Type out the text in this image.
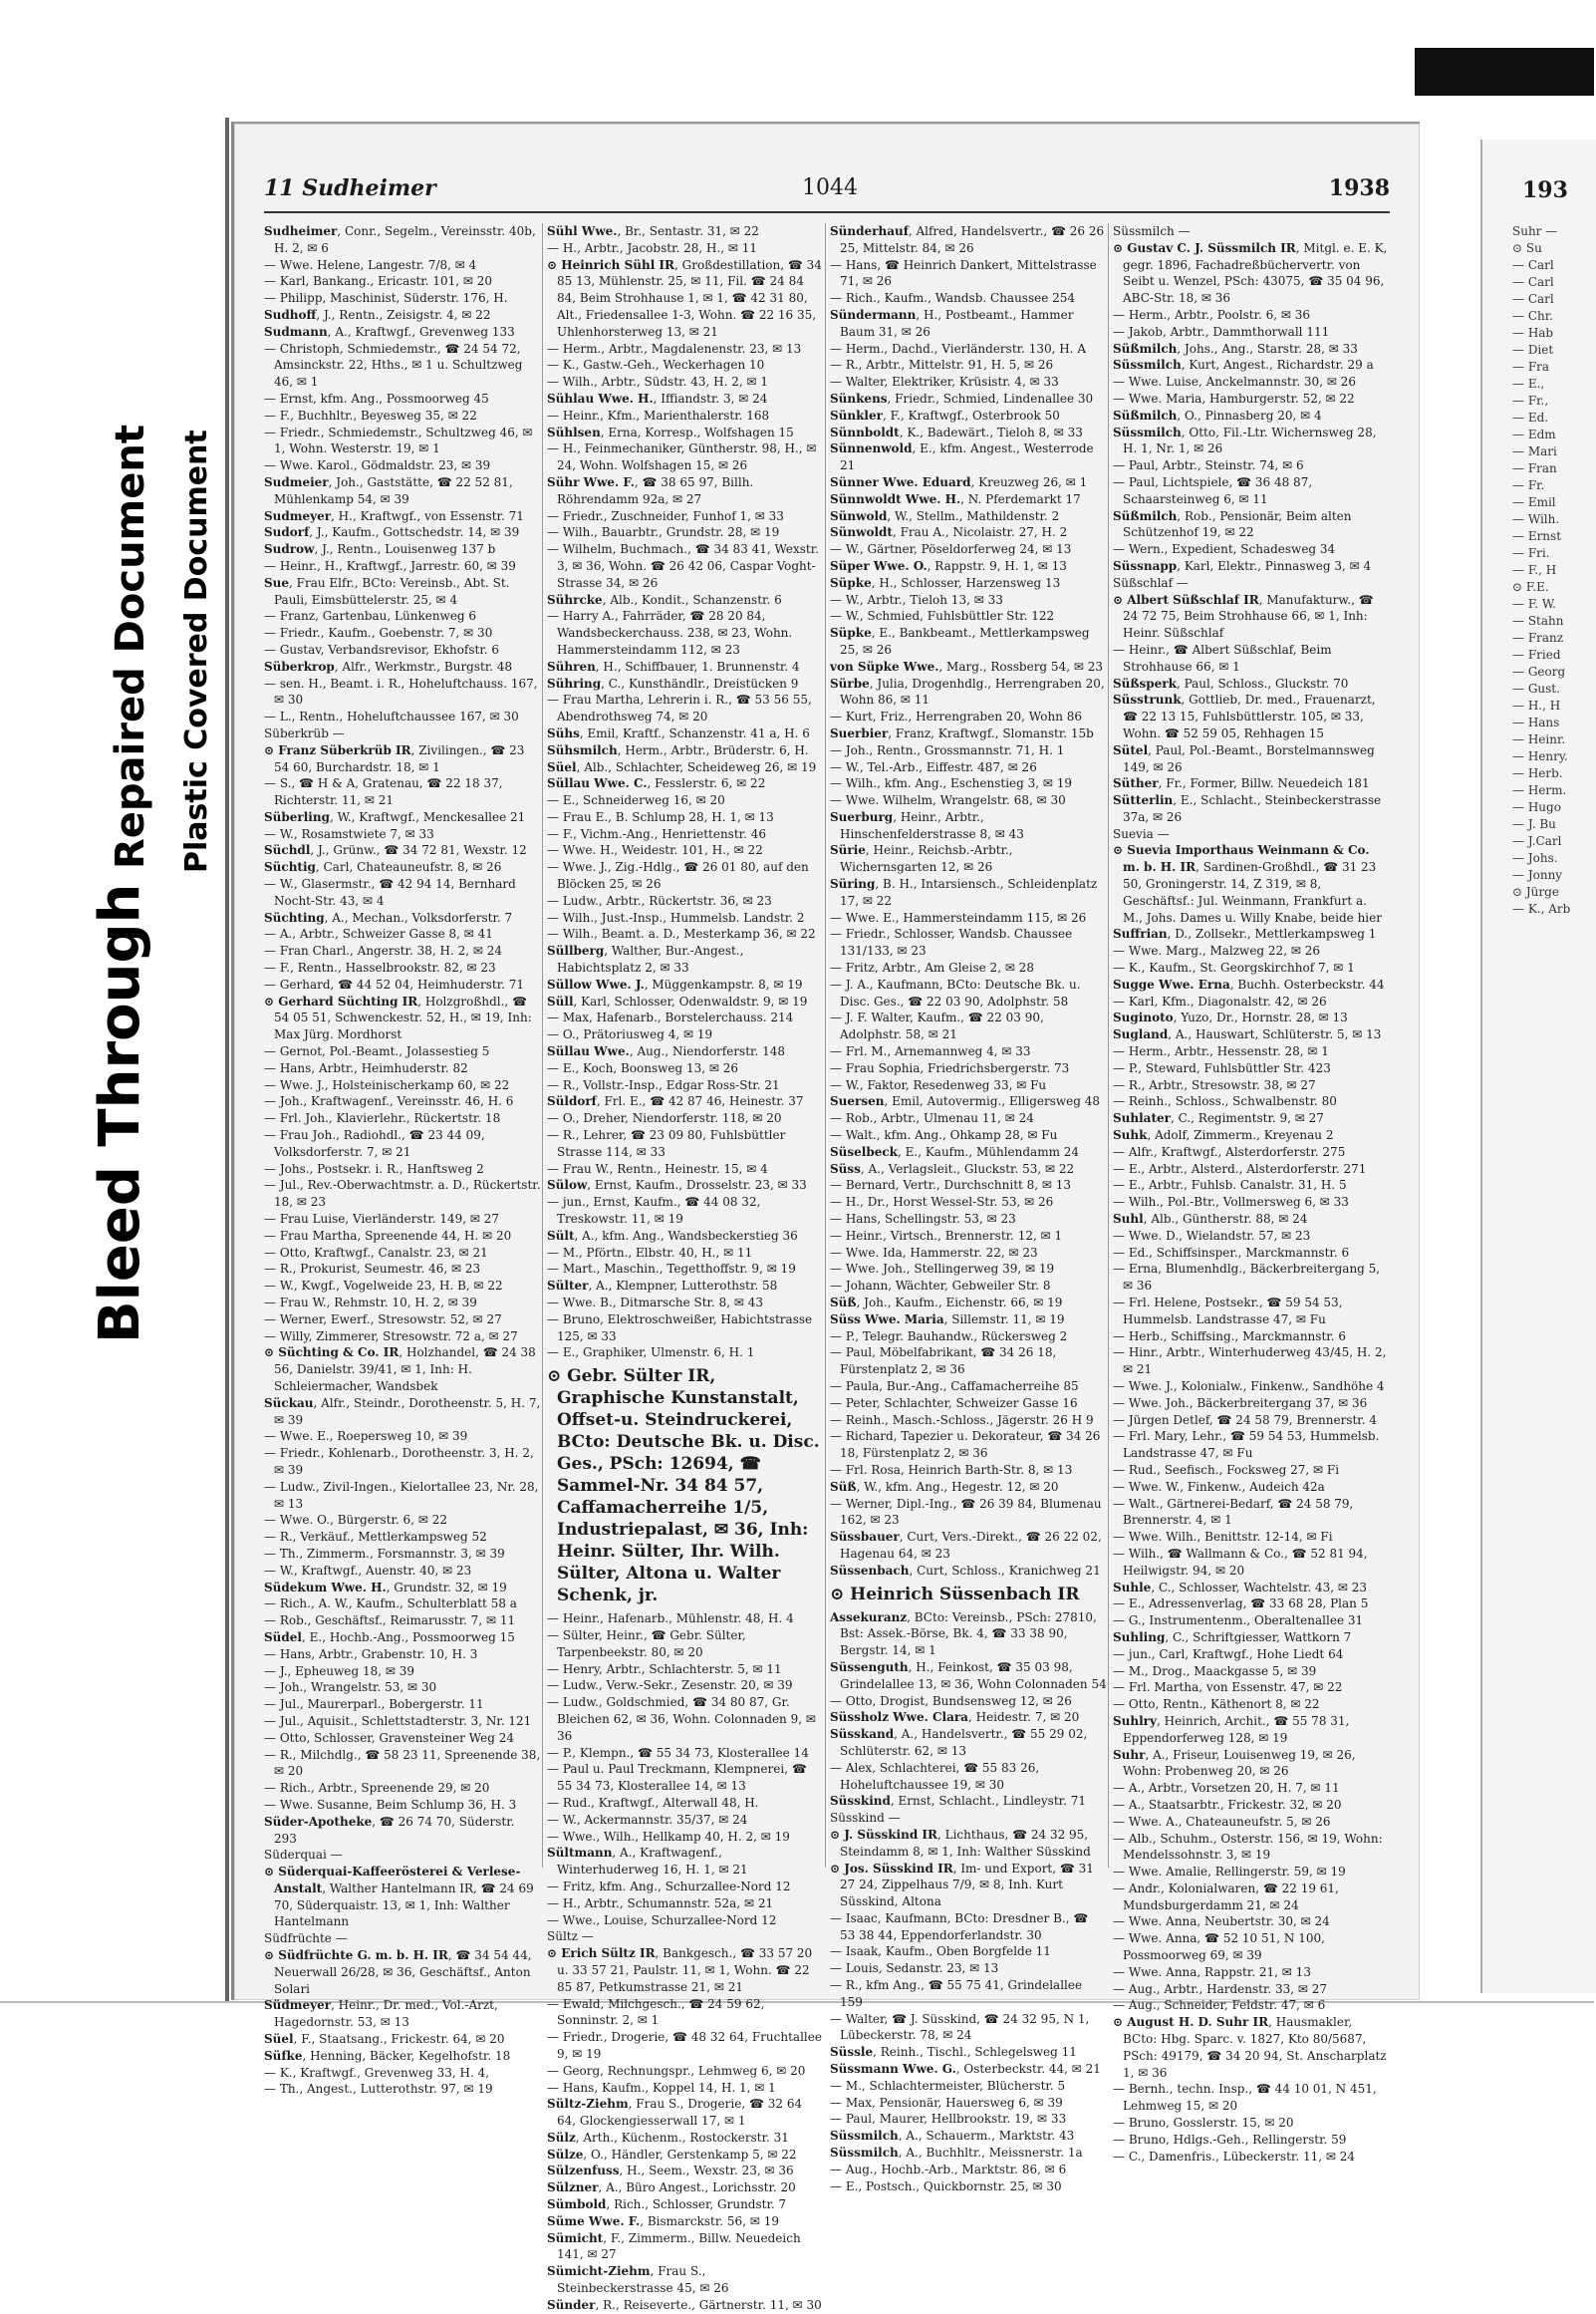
Bleed Through
Repaired Document Plastic Covered Document
193
Suhr —
⊙ Su
— Carl
— Carl
— Carl
— Chr.
— Hab
— Diet
— Fra
— E.,
— Fr.,
— Ed.
— Edm
— Mari
— Fran
— Fr.
— Emil
— Wilh.
— Ernst
— Fri.
— F., H
⊙ F.E.
— F. W.
— Stahn
— Franz
— Fried
— Georg
— Gust.
— H., H
— Hans
— Heinr.
— Henry.
— Herb.
— Herm.
— Hugo
— J. Bu
— J.Carl
— Johs.
— Jonny
⊙ Jürge
— K., Arb
11 Sudheimer	1044	1938

Sudheimer, Conr., Segelm., Vereinsstr. 40b, H. 2, ✉ 6

— Wwe. Helene, Langestr. 7/8, ✉ 4

— Karl, Bankang., Ericastr. 101, ✉ 20

— Philipp, Maschinist, Süderstr. 176, H.

Sudhoff, J., Rentn., Zeisigstr. 4, ✉ 22

Sudmann, A., Kraftwgf., Grevenweg 133

— Christoph, Schmiedemstr., ☎ 24 54 72, Amsinckstr. 22, Hths., ✉ 1 u. Schultzweg 46, ✉ 1

— Ernst, kfm. Ang., Possmoorweg 45

— F., Buchhltr., Beyesweg 35, ✉ 22

— Friedr., Schmiedemstr., Schultzweg 46, ✉ 1, Wohn. Westerstr. 19, ✉ 1

— Wwe. Karol., Gödmaldstr. 23, ✉ 39

Sudmeier, Joh., Gaststätte, ☎ 22 52 81, Mühlenkamp 54, ✉ 39

Sudmeyer, H., Kraftwgf., von Essenstr. 71

Sudorf, J., Kaufm., Gottschedstr. 14, ✉ 39

Sudrow, J., Rentn., Louisenweg 137 b

— Heinr., H., Kraftwgf., Jarrestr. 60, ✉ 39

Sue, Frau Elfr., BCto: Vereinsb., Abt. St. Pauli, Eimsbüttelerstr. 25, ✉ 4

— Franz, Gartenbau, Lünkenweg 6

— Friedr., Kaufm., Goebenstr. 7, ✉ 30

— Gustav, Verbandsrevisor, Ekhofstr. 6

Süberkrop, Alfr., Werkmstr., Burgstr. 48

— sen. H., Beamt. i. R., Hoheluftchauss. 167, ✉ 30

— L., Rentn., Hoheluftchaussee 167, ✉ 30

Süberkrüb —

⊙ Franz Süberkrüb IR, Zivilingen., ☎ 23 54 60, Burchardstr. 18, ✉ 1

— S., ☎ H & A, Gratenau, ☎ 22 18 37, Richterstr. 11, ✉ 21

Süberling, W., Kraftwgf., Menckesallee 21

— W., Rosamstwiete 7, ✉ 33

Süchdl, J., Grünw., ☎ 34 72 81, Wexstr. 12

Süchtig, Carl, Chateauneufstr. 8, ✉ 26

— W., Glasermstr., ☎ 42 94 14, Bernhard Nocht-Str. 43, ✉ 4

Süchting, A., Mechan., Volksdorferstr. 7

— A., Arbtr., Schweizer Gasse 8, ✉ 41

— Fran Charl., Angerstr. 38, H. 2, ✉ 24

— F., Rentn., Hasselbrookstr. 82, ✉ 23

— Gerhard, ☎ 44 52 04, Heimhuderstr. 71

⊙ Gerhard Süchting IR, Holzgroßhdl., ☎ 54 05 51, Schwenckestr. 52, H., ✉ 19, Inh: Max Jürg. Mordhorst

— Gernot, Pol.-Beamt., Jolassestieg 5

— Hans, Arbtr., Heimhuderstr. 82

— Wwe. J., Holsteinischerkamp 60, ✉ 22

— Joh., Kraftwagenf., Vereinsstr. 46, H. 6

— Frl. Joh., Klavierlehr., Rückertstr. 18

— Frau Joh., Radiohdl., ☎ 23 44 09, Volksdorferstr. 7, ✉ 21

— Johs., Postsekr. i. R., Hanftsweg 2

— Jul., Rev.-Oberwachtmstr. a. D., Rückertstr. 18, ✉ 23

— Frau Luise, Vierländerstr. 149, ✉ 27

— Frau Martha, Spreenende 44, H. ✉ 20

— Otto, Kraftwgf., Canalstr. 23, ✉ 21

— R., Prokurist, Seumestr. 46, ✉ 23

— W., Kwgf., Vogelweide 23, H. B, ✉ 22

— Frau W., Rehmstr. 10, H. 2, ✉ 39

— Werner, Ewerf., Stresowstr. 52, ✉ 27

— Willy, Zimmerer, Stresowstr. 72 a, ✉ 27

⊙ Süchting & Co. IR, Holzhandel, ☎ 24 38 56, Danielstr. 39/41, ✉ 1, Inh: H. Schleiermacher, Wandsbek

Sückau, Alfr., Steindr., Dorotheenstr. 5, H. 7, ✉ 39

— Wwe. E., Roepersweg 10, ✉ 39

— Friedr., Kohlenarb., Dorotheenstr. 3, H. 2, ✉ 39

— Ludw., Zivil-Ingen., Kielortallee 23, Nr. 28, ✉ 13

— Wwe. O., Bürgerstr. 6, ✉ 22

— R., Verkäuf., Mettlerkampsweg 52

— Th., Zimmerm., Forsmannstr. 3, ✉ 39

— W., Kraftwgf., Auenstr. 40, ✉ 23

Südekum Wwe. H., Grundstr. 32, ✉ 19

— Rich., A. W., Kaufm., Schulterblatt 58 a

— Rob., Geschäftsf., Reimarusstr. 7, ✉ 11

Südel, E., Hochb.-Ang., Possmoorweg 15

— Hans, Arbtr., Grabenstr. 10, H. 3

— J., Epheuweg 18, ✉ 39

— Joh., Wrangelstr. 53, ✉ 30

— Jul., Maurerparl., Bobergerstr. 11

— Jul., Aquisit., Schlettstadterstr. 3, Nr. 121

— Otto, Schlosser, Gravensteiner Weg 24

— R., Milchdlg., ☎ 58 23 11, Spreenende 38, ✉ 20

— Rich., Arbtr., Spreenende 29, ✉ 20

— Wwe. Susanne, Beim Schlump 36, H. 3

Süder-Apotheke, ☎ 26 74 70, Süderstr. 293

Süderquai —

⊙ Süderquai-Kaffeerösterei & Verlese-Anstalt, Walther Hantelmann IR, ☎ 24 69 70, Süderquaistr. 13, ✉ 1, Inh: Walther Hantelmann

Südfrüchte —

⊙ Südfrüchte G. m. b. H. IR, ☎ 34 54 44, Neuerwall 26/28, ✉ 36, Geschäftsf., Anton Solari

Südmeyer, Heinr., Dr. med., Vol.-Arzt, Hagedornstr. 53, ✉ 13

Süel, F., Staatsang., Frickestr. 64, ✉ 20

Süfke, Henning, Bäcker, Kegelhofstr. 18

— K., Kraftwgf., Grevenweg 33, H. 4,

— Th., Angest., Lutterothstr. 97, ✉ 19

Sühl Wwe., Br., Sentastr. 31, ✉ 22

— H., Arbtr., Jacobstr. 28, H., ✉ 11

⊙ Heinrich Sühl IR, Großdestillation, ☎ 34 85 13, Mühlenstr. 25, ✉ 11, Fil. ☎ 24 84 84, Beim Strohhause 1, ✉ 1, ☎ 42 31 80, Alt., Friedensallee 1-3, Wohn. ☎ 22 16 35, Uhlenhorsterweg 13, ✉ 21

— Herm., Arbtr., Magdalenenstr. 23, ✉ 13

— K., Gastw.-Geh., Weckerhagen 10

— Wilh., Arbtr., Südstr. 43, H. 2, ✉ 1

Sühlau Wwe. H., Iffiandstr. 3, ✉ 24

— Heinr., Kfm., Marienthalerstr. 168

Sühlsen, Erna, Korresp., Wolfshagen 15

— H., Feinmechaniker, Güntherstr. 98, H., ✉ 24, Wohn. Wolfshagen 15, ✉ 26

Sühr Wwe. F., ☎ 38 65 97, Billh. Röhrendamm 92a, ✉ 27

— Friedr., Zuschneider, Funhof 1, ✉ 33

— Wilh., Bauarbtr., Grundstr. 28, ✉ 19

— Wilhelm, Buchmach., ☎ 34 83 41, Wexstr. 3, ✉ 36, Wohn. ☎ 26 42 06, Caspar Voght-Strasse 34, ✉ 26

Sührcke, Alb., Kondit., Schanzenstr. 6

— Harry A., Fahrräder, ☎ 28 20 84, Wandsbeckerchauss. 238, ✉ 23, Wohn. Hammersteindamm 112, ✉ 23

Sühren, H., Schiffbauer, 1. Brunnenstr. 4

Sühring, C., Kunsthändlr., Dreistücken 9

— Frau Martha, Lehrerin i. R., ☎ 53 56 55, Abendrothsweg 74, ✉ 20

Sühs, Emil, Kraftf., Schanzenstr. 41 a, H. 6

Sühsmilch, Herm., Arbtr., Brüderstr. 6, H.

Süel, Alb., Schlachter, Scheideweg 26, ✉ 19

Süllau Wwe. C., Fesslerstr. 6, ✉ 22

— E., Schneiderweg 16, ✉ 20

— Frau E., B. Schlump 28, H. 1, ✉ 13

— F., Vichm.-Ang., Henriettenstr. 46

— Wwe. H., Weidestr. 101, H., ✉ 22

— Wwe. J., Zig.-Hdlg., ☎ 26 01 80, auf den Blöcken 25, ✉ 26

— Ludw., Arbtr., Rückertstr. 36, ✉ 23

— Wilh., Just.-Insp., Hummelsb. Landstr. 2

— Wilh., Beamt. a. D., Mesterkamp 36, ✉ 22

Süllberg, Walther, Bur.-Angest., Habichtsplatz 2, ✉ 33

Süllow Wwe. J., Müggenkampstr. 8, ✉ 19

Süll, Karl, Schlosser, Odenwaldstr. 9, ✉ 19

— Max, Hafenarb., Borstelerchauss. 214

— O., Prätoriusweg 4, ✉ 19

Süllau Wwe., Aug., Niendorferstr. 148

— E., Koch, Boonsweg 13, ✉ 26

— R., Vollstr.-Insp., Edgar Ross-Str. 21

Süldorf, Frl. E., ☎ 42 87 46, Heinestr. 37

— O., Dreher, Niendorferstr. 118, ✉ 20

— R., Lehrer, ☎ 23 09 80, Fuhlsbüttler Strasse 114, ✉ 33

— Frau W., Rentn., Heinestr. 15, ✉ 4

Sülow, Ernst, Kaufm., Drosselstr. 23, ✉ 33

— jun., Ernst, Kaufm., ☎ 44 08 32, Treskowstr. 11, ✉ 19

Sült, A., kfm. Ang., Wandsbeckerstieg 36

— M., Pförtn., Elbstr. 40, H., ✉ 11

— Mart., Maschin., Tegetthoffstr. 9, ✉ 19

Sülter, A., Klempner, Lutterothstr. 58

— Wwe. B., Ditmarsche Str. 8, ✉ 43

— Bruno, Elektroschweißer, Habichtstrasse 125, ✉ 33

— E., Graphiker, Ulmenstr. 6, H. 1

⊙ Gebr. Sülter IR, Graphische Kunstanstalt, Offset-u. Steindruckerei, BCto: Deutsche Bk. u. Disc. Ges., PSch: 12694, ☎ Sammel-Nr. 34 84 57, Caffamacherreihe 1/5, Industriepalast, ✉ 36, Inh: Heinr. Sülter, Ihr. Wilh. Sülter, Altona u. Walter Schenk, jr.

— Heinr., Hafenarb., Mühlenstr. 48, H. 4

— Sülter, Heinr., ☎ Gebr. Sülter, Tarpenbeekstr. 80, ✉ 20

— Henry, Arbtr., Schlachterstr. 5, ✉ 11

— Ludw., Verw.-Sekr., Zesenstr. 20, ✉ 39

— Ludw., Goldschmied, ☎ 34 80 87, Gr. Bleichen 62, ✉ 36, Wohn. Colonnaden 9, ✉ 36

— P., Klempn., ☎ 55 34 73, Klosterallee 14

— Paul u. Paul Treckmann, Klempnerei, ☎ 55 34 73, Klosterallee 14, ✉ 13

— Rud., Kraftwgf., Alterwall 48, H.

— W., Ackermannstr. 35/37, ✉ 24

— Wwe., Wilh., Hellkamp 40, H. 2, ✉ 19

Sültmann, A., Kraftwagenf., Winterhuderweg 16, H. 1, ✉ 21

— Fritz, kfm. Ang., Schurzallee-Nord 12

— H., Arbtr., Schumannstr. 52a, ✉ 21

— Wwe., Louise, Schurzallee-Nord 12

Sültz —

⊙ Erich Sültz IR, Bankgesch., ☎ 33 57 20 u. 33 57 21, Paulstr. 11, ✉ 1, Wohn. ☎ 22 85 87, Petkumstrasse 21, ✉ 21

— Ewald, Milchgesch., ☎ 24 59 62, Sonninstr. 2, ✉ 1

— Friedr., Drogerie, ☎ 48 32 64, Fruchtallee 9, ✉ 19

— Georg, Rechnungspr., Lehmweg 6, ✉ 20

— Hans, Kaufm., Koppel 14, H. 1, ✉ 1

Sültz-Ziehm, Frau S., Drogerie, ☎ 32 64 64, Glockengiesserwall 17, ✉ 1

Sülz, Arth., Küchenm., Rostockerstr. 31

Sülze, O., Händler, Gerstenkamp 5, ✉ 22

Sülzenfuss, H., Seem., Wexstr. 23, ✉ 36

Sülzner, A., Büro Angest., Lorichsstr. 20

Sümbold, Rich., Schlosser, Grundstr. 7

Süme Wwe. F., Bismarckstr. 56, ✉ 19

Sümicht, F., Zimmerm., Billw. Neuedeich 141, ✉ 27

Sümicht-Ziehm, Frau S., Steinbeckerstrasse 45, ✉ 26

Sünder, R., Reiseverte., Gärtnerstr. 11, ✉ 30

Sünderhauf, Alfred, Handelsvertr., ☎ 26 26 25, Mittelstr. 84, ✉ 26

— Hans, ☎ Heinrich Dankert, Mittelstrasse 71, ✉ 26

— Rich., Kaufm., Wandsb. Chaussee 254

Sündermann, H., Postbeamt., Hammer Baum 31, ✉ 26

— Herm., Dachd., Vierländerstr. 130, H. A

— R., Arbtr., Mittelstr. 91, H. 5, ✉ 26

— Walter, Elektriker, Krüsistr. 4, ✉ 33

Sünkens, Friedr., Schmied, Lindenallee 30

Sünkler, F., Kraftwgf., Osterbrook 50

Sünnboldt, K., Badewärt., Tieloh 8, ✉ 33

Sünnenwold, E., kfm. Angest., Westerrode 21

Sünner Wwe. Eduard, Kreuzweg 26, ✉ 1

Sünnwoldt Wwe. H., N. Pferdemarkt 17

Sünwold, W., Stellm., Mathildenstr. 2

Sünwoldt, Frau A., Nicolaistr. 27, H. 2

— W., Gärtner, Pöseldorferweg 24, ✉ 13

Süper Wwe. O., Rappstr. 9, H. 1, ✉ 13

Süpke, H., Schlosser, Harzensweg 13

— W., Arbtr., Tieloh 13, ✉ 33

— W., Schmied, Fuhlsbüttler Str. 122

Süpke, E., Bankbeamt., Mettlerkampsweg 25, ✉ 26

von Süpke Wwe., Marg., Rossberg 54, ✉ 23

Sürbe, Julia, Drogenhdlg., Herrengraben 20, Wohn 86, ✉ 11

— Kurt, Friz., Herrengraben 20, Wohn 86

Suerbier, Franz, Kraftwgf., Slomanstr. 15b

— Joh., Rentn., Grossmannstr. 71, H. 1

— W., Tel.-Arb., Eiffestr. 487, ✉ 26

— Wilh., kfm. Ang., Eschenstieg 3, ✉ 19

— Wwe. Wilhelm, Wrangelstr. 68, ✉ 30

Suerburg, Heinr., Arbtr., Hinschenfelderstrasse 8, ✉ 43

Sürie, Heinr., Reichsb.-Arbtr., Wichernsgarten 12, ✉ 26

Süring, B. H., Intarsiensch., Schleidenplatz 17, ✉ 22

— Wwe. E., Hammersteindamm 115, ✉ 26

— Friedr., Schlosser, Wandsb. Chaussee 131/133, ✉ 23

— Fritz, Arbtr., Am Gleise 2, ✉ 28

— J. A., Kaufmann, BCto: Deutsche Bk. u. Disc. Ges., ☎ 22 03 90, Adolphstr. 58

— J. F. Walter, Kaufm., ☎ 22 03 90, Adolphstr. 58, ✉ 21

— Frl. M., Arnemannweg 4, ✉ 33

— Frau Sophia, Friedrichsbergerstr. 73

— W., Faktor, Resedenweg 33, ✉ Fu

Suersen, Emil, Autovermig., Elligersweg 48

— Rob., Arbtr., Ulmenau 11, ✉ 24

— Walt., kfm. Ang., Ohkamp 28, ✉ Fu

Süselbeck, E., Kaufm., Mühlendamm 24

Süss, A., Verlagsleit., Gluckstr. 53, ✉ 22

— Bernard, Vertr., Durchschnitt 8, ✉ 13

— H., Dr., Horst Wessel-Str. 53, ✉ 26

— Hans, Schellingstr. 53, ✉ 23

— Heinr., Virtsch., Brennerstr. 12, ✉ 1

— Wwe. Ida, Hammerstr. 22, ✉ 23

— Wwe. Joh., Stellingerweg 39, ✉ 19

— Johann, Wächter, Gebweiler Str. 8

Süß, Joh., Kaufm., Eichenstr. 66, ✉ 19

Süss Wwe. Maria, Sillemstr. 11, ✉ 19

— P., Telegr. Bauhandw., Rückersweg 2

— Paul, Möbelfabrikant, ☎ 34 26 18, Fürstenplatz 2, ✉ 36

— Paula, Bur.-Ang., Caffamacherreihe 85

— Peter, Schlachter, Schweizer Gasse 16

— Reinh., Masch.-Schloss., Jägerstr. 26 H 9

— Richard, Tapezier u. Dekorateur, ☎ 34 26 18, Fürstenplatz 2, ✉ 36

— Frl. Rosa, Heinrich Barth-Str. 8, ✉ 13

Süß, W., kfm. Ang., Hegestr. 12, ✉ 20

— Werner, Dipl.-Ing., ☎ 26 39 84, Blumenau 162, ✉ 23

Süssbauer, Curt, Vers.-Direkt., ☎ 26 22 02, Hagenau 64, ✉ 23

Süssenbach, Curt, Schloss., Kranichweg 21

⊙ Heinrich Süssenbach IR

Assekuranz, BCto: Vereinsb., PSch: 27810, Bst: Assek.-Börse, Bk. 4, ☎ 33 38 90, Bergstr. 14, ✉ 1

Süssenguth, H., Feinkost, ☎ 35 03 98, Grindelallee 13, ✉ 36, Wohn Colonnaden 54

— Otto, Drogist, Bundsensweg 12, ✉ 26

Süssholz Wwe. Clara, Heidestr. 7, ✉ 20

Süsskand, A., Handelsvertr., ☎ 55 29 02, Schlüterstr. 62, ✉ 13

— Alex, Schlachterei, ☎ 55 83 26, Hoheluftchaussee 19, ✉ 30

Süsskind, Ernst, Schlacht., Lindleystr. 71

Süsskind —

⊙ J. Süsskind IR, Lichthaus, ☎ 24 32 95, Steindamm 8, ✉ 1, Inh: Walther Süsskind

⊙ Jos. Süsskind IR, Im- und Export, ☎ 31 27 24, Zippelhaus 7/9, ✉ 8, Inh. Kurt Süsskind, Altona

— Isaac, Kaufmann, BCto: Dresdner B., ☎ 53 38 44, Eppendorferlandstr. 30

— Isaak, Kaufm., Oben Borgfelde 11

— Louis, Sedanstr. 23, ✉ 13

— R., kfm Ang., ☎ 55 75 41, Grindelallee 159

— Walter, ☎ J. Süsskind, ☎ 24 32 95, N 1, Lübeckerstr. 78, ✉ 24

Süssle, Reinh., Tischl., Schlegelsweg 11

Süssmann Wwe. G., Osterbeckstr. 44, ✉ 21

— M., Schlachtermeister, Blücherstr. 5

— Max, Pensionär, Hauersweg 6, ✉ 39

— Paul, Maurer, Hellbrookstr. 19, ✉ 33

Süssmilch, A., Schauerm., Marktstr. 43

Süssmilch, A., Buchhltr., Meissnerstr. 1a

— Aug., Hochb.-Arb., Marktstr. 86, ✉ 6

— E., Postsch., Quickbornstr. 25, ✉ 30

Süssmilch —

⊙ Gustav C. J. Süssmilch IR, Mitgl. e. E. K, gegr. 1896, Fachadreßbüchervertr. von Seibt u. Wenzel, PSch: 43075, ☎ 35 04 96, ABC-Str. 18, ✉ 36

— Herm., Arbtr., Poolstr. 6, ✉ 36

— Jakob, Arbtr., Dammthorwall 111

Süßmilch, Johs., Ang., Starstr. 28, ✉ 33

Süssmilch, Kurt, Angest., Richardstr. 29 a

— Wwe. Luise, Anckelmannstr. 30, ✉ 26

— Wwe. Maria, Hamburgerstr. 52, ✉ 22

Süßmilch, O., Pinnasberg 20, ✉ 4

Süssmilch, Otto, Fil.-Ltr. Wichernsweg 28, H. 1, Nr. 1, ✉ 26

— Paul, Arbtr., Steinstr. 74, ✉ 6

— Paul, Lichtspiele, ☎ 36 48 87, Schaarsteinweg 6, ✉ 11

Süßmilch, Rob., Pensionär, Beim alten Schützenhof 19, ✉ 22

— Wern., Expedient, Schadesweg 34

Süssnapp, Karl, Elektr., Pinnasweg 3, ✉ 4

Süßschlaf —

⊙ Albert Süßschlaf IR, Manufakturw., ☎ 24 72 75, Beim Strohhause 66, ✉ 1, Inh: Heinr. Süßschlaf

— Heinr., ☎ Albert Süßschlaf, Beim Strohhause 66, ✉ 1

Süßsperk, Paul, Schloss., Gluckstr. 70

Süsstrunk, Gottlieb, Dr. med., Frauenarzt, ☎ 22 13 15, Fuhlsbüttlerstr. 105, ✉ 33, Wohn. ☎ 52 59 05, Rehhagen 15

Sütel, Paul, Pol.-Beamt., Borstelmannsweg 149, ✉ 26

Süther, Fr., Former, Billw. Neuedeich 181

Sütterlin, E., Schlacht., Steinbeckerstrasse 37a, ✉ 26

Suevia —

⊙ Suevia Importhaus Weinmann & Co. m. b. H. IR, Sardinen-Großhdl., ☎ 31 23 50, Groningerstr. 14, Z 319, ✉ 8, Geschäftsf.: Jul. Weinmann, Frankfurt a. M., Johs. Dames u. Willy Knabe, beide hier

Suffrian, D., Zollsekr., Mettlerkampsweg 1

— Wwe. Marg., Malzweg 22, ✉ 26

— K., Kaufm., St. Georgskirchhof 7, ✉ 1

Sugge Wwe. Erna, Buchh. Osterbeckstr. 44

— Karl, Kfm., Diagonalstr. 42, ✉ 26

Suginoto, Yuzo, Dr., Hornstr. 28, ✉ 13

Sugland, A., Hauswart, Schlüterstr. 5, ✉ 13

— Herm., Arbtr., Hessenstr. 28, ✉ 1

— P., Steward, Fuhlsbüttler Str. 423

— R., Arbtr., Stresowstr. 38, ✉ 27

— Reinh., Schloss., Schwalbenstr. 80

Suhlater, C., Regimentstr. 9, ✉ 27

Suhk, Adolf, Zimmerm., Kreyenau 2

— Alfr., Kraftwgf., Alsterdorferstr. 275

— E., Arbtr., Alsterd., Alsterdorferstr. 271

— E., Arbtr., Fuhlsb. Canalstr. 31, H. 5

— Wilh., Pol.-Btr., Vollmersweg 6, ✉ 33

Suhl, Alb., Güntherstr. 88, ✉ 24

— Wwe. D., Wielandstr. 57, ✉ 23

— Ed., Schiffsinsper., Marckmannstr. 6

— Erna, Blumenhdlg., Bäckerbreitergang 5, ✉ 36

— Frl. Helene, Postsekr., ☎ 59 54 53, Hummelsb. Landstrasse 47, ✉ Fu

— Herb., Schiffsing., Marckmannstr. 6

— Hinr., Arbtr., Winterhuderweg 43/45, H. 2, ✉ 21

— Wwe. J., Kolonialw., Finkenw., Sandhöhe 4

— Wwe. Joh., Bäckerbreitergang 37, ✉ 36

— Jürgen Detlef, ☎ 24 58 79, Brennerstr. 4

— Frl. Mary, Lehr., ☎ 59 54 53, Hummelsb. Landstrasse 47, ✉ Fu

— Rud., Seefisch., Focksweg 27, ✉ Fi

— Wwe. W., Finkenw., Audeich 42a

— Walt., Gärtnerei-Bedarf, ☎ 24 58 79, Brennerstr. 4, ✉ 1

— Wwe. Wilh., Benittstr. 12-14, ✉ Fi

— Wilh., ☎ Wallmann & Co., ☎ 52 81 94, Heilwigstr. 94, ✉ 20

Suhle, C., Schlosser, Wachtelstr. 43, ✉ 23

— E., Adressenverlag, ☎ 33 68 28, Plan 5

— G., Instrumentenm., Oberaltenallee 31

Suhling, C., Schriftgiesser, Wattkorn 7

— jun., Carl, Kraftwgf., Hohe Liedt 64

— M., Drog., Maackgasse 5, ✉ 39

— Frl. Martha, von Essenstr. 47, ✉ 22

— Otto, Rentn., Käthenort 8, ✉ 22

Suhlry, Heinrich, Archit., ☎ 55 78 31, Eppendorferweg 128, ✉ 19

Suhr, A., Friseur, Louisenweg 19, ✉ 26, Wohn: Probenweg 20, ✉ 26

— A., Arbtr., Vorsetzen 20, H. 7, ✉ 11

— A., Staatsarbtr., Frickestr. 32, ✉ 20

— Wwe. A., Chateauneufstr. 5, ✉ 26

— Alb., Schuhm., Osterstr. 156, ✉ 19, Wohn: Mendelssohnstr. 3, ✉ 19

— Wwe. Amalie, Rellingerstr. 59, ✉ 19

— Andr., Kolonialwaren, ☎ 22 19 61, Mundsburgerdamm 21, ✉ 24

— Wwe. Anna, Neubertstr. 30, ✉ 24

— Wwe. Anna, ☎ 52 10 51, N 100, Possmoorweg 69, ✉ 39

— Wwe. Anna, Rappstr. 21, ✉ 13

— Aug., Arbtr., Hardenstr. 33, ✉ 27

— Aug., Schneider, Feldstr. 47, ✉ 6

⊙ August H. D. Suhr IR, Hausmakler, BCto: Hbg. Sparc. v. 1827, Kto 80/5687, PSch: 49179, ☎ 34 20 94, St. Anscharplatz 1, ✉ 36

— Bernh., techn. Insp., ☎ 44 10 01, N 451, Lehmweg 15, ✉ 20

— Bruno, Gosslerstr. 15, ✉ 20

— Bruno, Hdlgs.-Geh., Rellingerstr. 59

— C., Damenfris., Lübeckerstr. 11, ✉ 24
